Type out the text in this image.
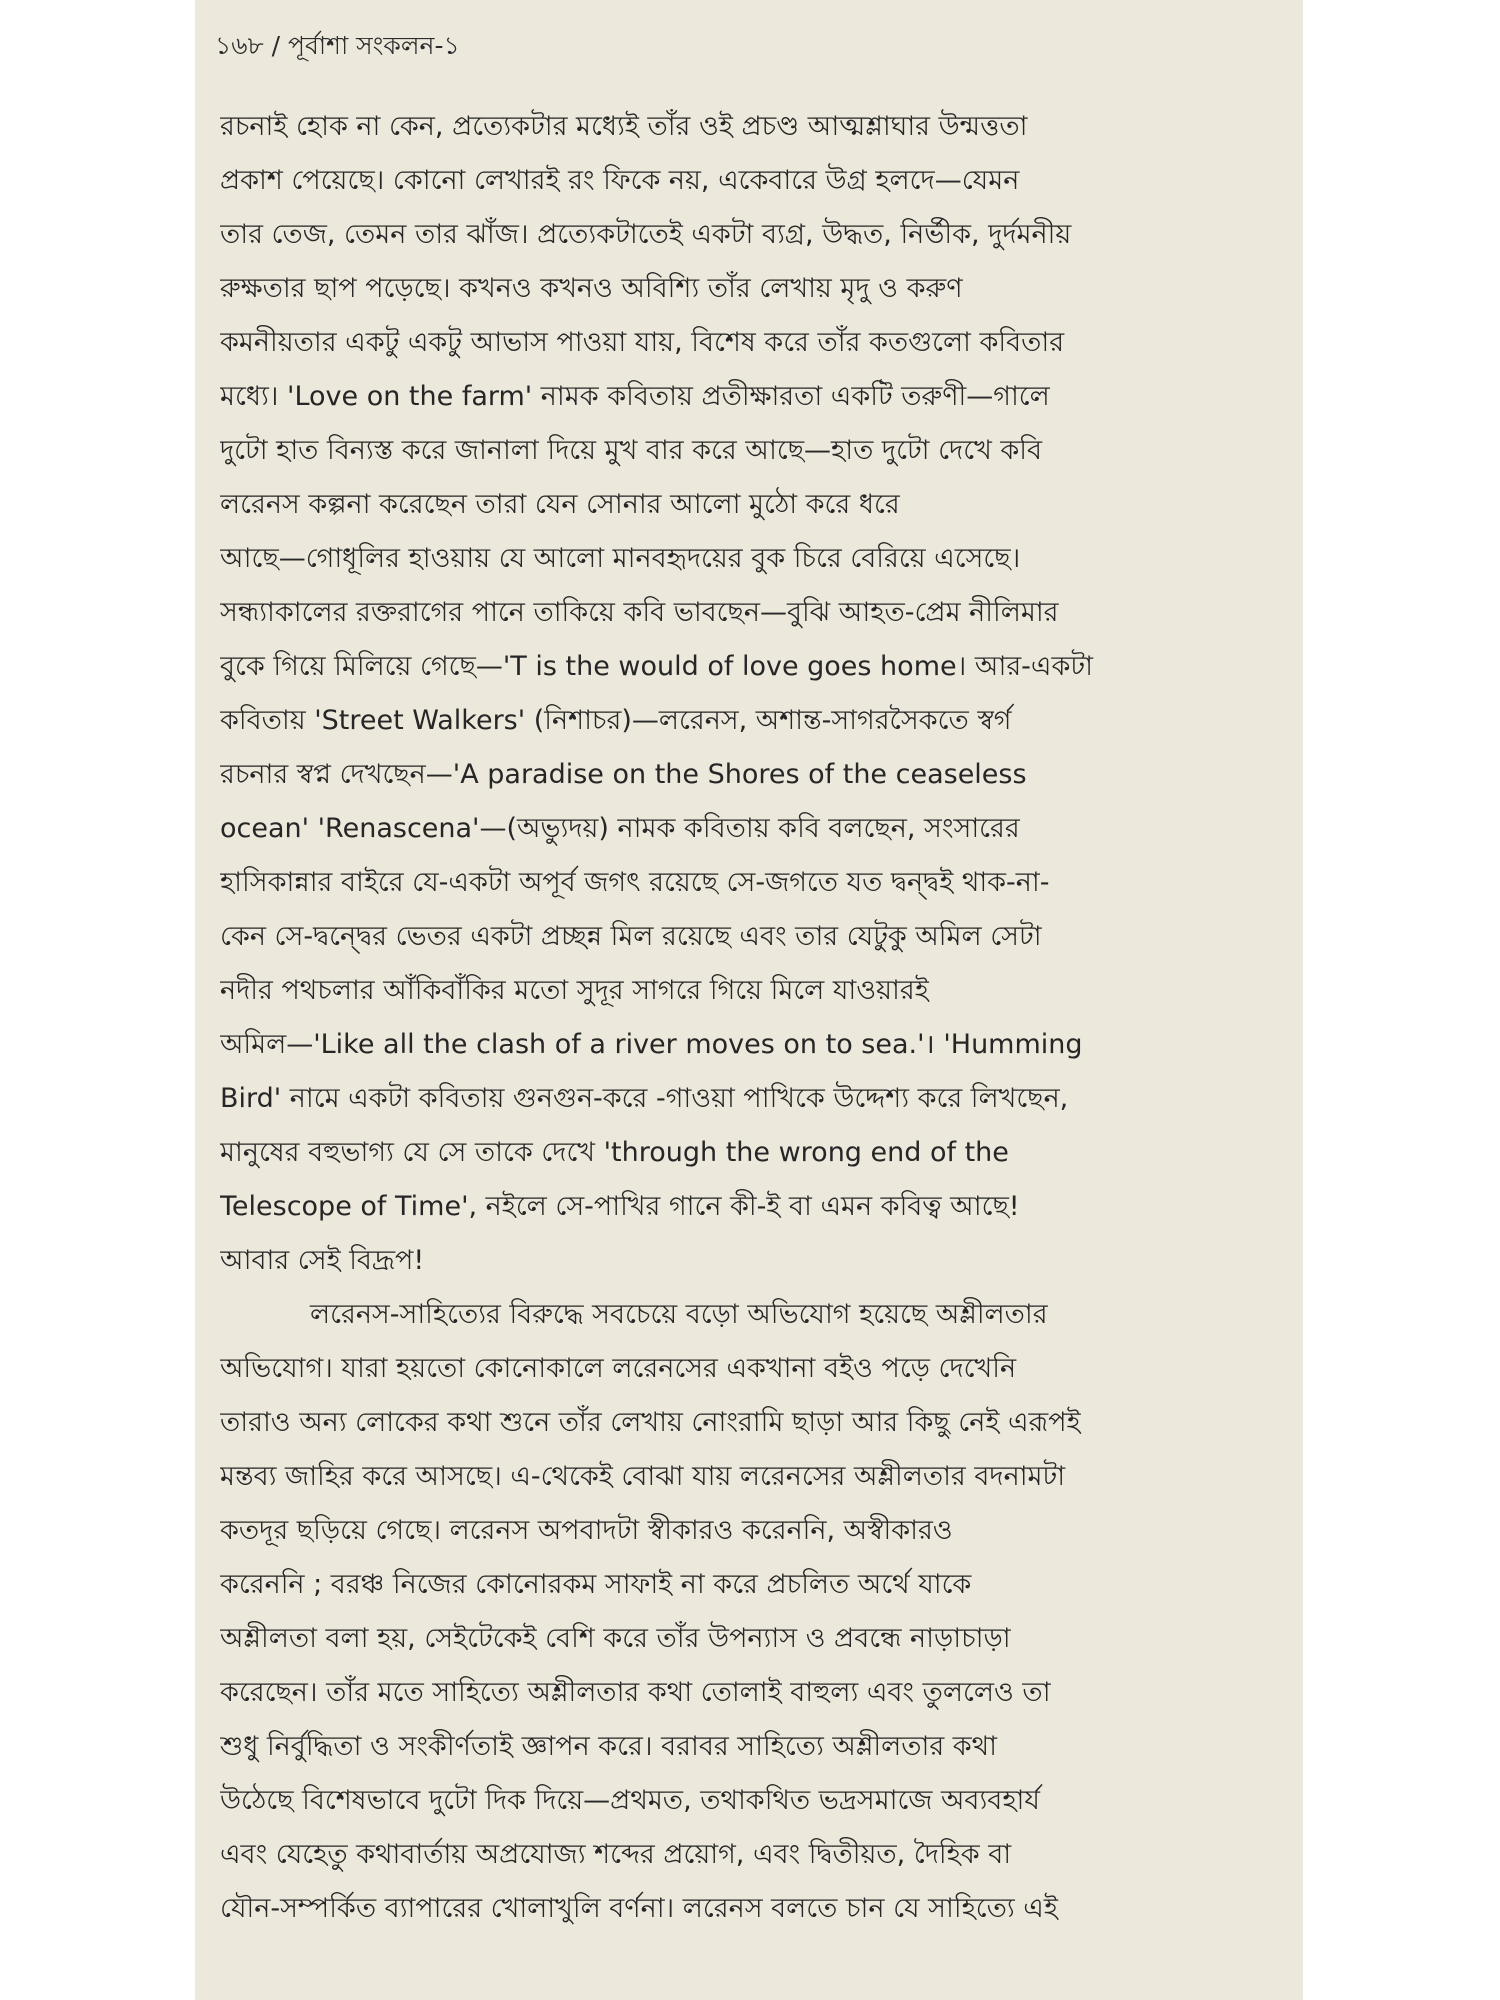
১৬৮ / পূর্বাশা সংকলন-১
রচনাই হোক না কেন, প্রত্যেকটার মধ্যেই তাঁর ওই প্রচণ্ড আত্মশ্লাঘার উন্মত্ততা
প্রকাশ পেয়েছে। কোনো লেখারই রং ফিকে নয়, একেবারে উগ্র হলদে—যেমন
তার তেজ, তেমন তার ঝাঁজ। প্রত্যেকটাতেই একটা ব্যগ্র, উদ্ধত, নির্ভীক, দুর্দমনীয়
রুক্ষতার ছাপ পড়েছে। কখনও কখনও অবিশ্যি তাঁর লেখায় মৃদু ও করুণ
কমনীয়তার একটু একটু আভাস পাওয়া যায়, বিশেষ করে তাঁর কতগুলো কবিতার
মধ্যে। 'Love on the farm' নামক কবিতায় প্রতীক্ষারতা একটি তরুণী—গালে
দুটো হাত বিন্যস্ত করে জানালা দিয়ে মুখ বার করে আছে—হাত দুটো দেখে কবি
লরেনস কল্পনা করেছেন তারা যেন সোনার আলো মুঠো করে ধরে
আছে—গোধূলির হাওয়ায় যে আলো মানবহৃদয়ের বুক চিরে বেরিয়ে এসেছে।
সন্ধ্যাকালের রক্তরাগের পানে তাকিয়ে কবি ভাবছেন—বুঝি আহত-প্রেম নীলিমার
বুকে গিয়ে মিলিয়ে গেছে—'T is the would of love goes home। আর-একটা
কবিতায় 'Street Walkers' (নিশাচর)—লরেনস, অশান্ত-সাগরসৈকতে স্বর্গ
রচনার স্বপ্ন দেখছেন—'A paradise on the Shores of the ceaseless
ocean' 'Renascena'—(অভ্যুদয়) নামক কবিতায় কবি বলছেন, সংসারের
হাসিকান্নার বাইরে যে-একটা অপূর্ব জগৎ রয়েছে সে-জগতে যত দ্বন্দ্বই থাক-না-
কেন সে-দ্বন্দ্বের ভেতর একটা প্রচ্ছন্ন মিল রয়েছে এবং তার যেটুকু অমিল সেটা
নদীর পথচলার আঁকিবাঁকির মতো সুদূর সাগরে গিয়ে মিলে যাওয়ারই
অমিল—'Like all the clash of a river moves on to sea.'। 'Humming
Bird' নামে একটা কবিতায় গুনগুন-করে -গাওয়া পাখিকে উদ্দেশ্য করে লিখছেন,
মানুষের বহুভাগ্য যে সে তাকে দেখে 'through the wrong end of the
Telescope of Time', নইলে সে-পাখির গানে কী-ই বা এমন কবিত্ব আছে!
আবার সেই বিদ্রূপ!
লরেনস-সাহিত্যের বিরুদ্ধে সবচেয়ে বড়ো অভিযোগ হয়েছে অশ্লীলতার
অভিযোগ। যারা হয়তো কোনোকালে লরেনসের একখানা বইও পড়ে দেখেনি
তারাও অন্য লোকের কথা শুনে তাঁর লেখায় নোংরামি ছাড়া আর কিছু নেই এরূপই
মন্তব্য জাহির করে আসছে। এ-থেকেই বোঝা যায় লরেনসের অশ্লীলতার বদনামটা
কতদূর ছড়িয়ে গেছে। লরেনস অপবাদটা স্বীকারও করেননি, অস্বীকারও
করেননি ; বরঞ্চ নিজের কোনোরকম সাফাই না করে প্রচলিত অর্থে যাকে
অশ্লীলতা বলা হয়, সেইটেকেই বেশি করে তাঁর উপন্যাস ও প্রবন্ধে নাড়াচাড়া
করেছেন। তাঁর মতে সাহিত্যে অশ্লীলতার কথা তোলাই বাহুল্য এবং তুললেও তা
শুধু নির্বুদ্ধিতা ও সংকীর্ণতাই জ্ঞাপন করে। বরাবর সাহিত্যে অশ্লীলতার কথা
উঠেছে বিশেষভাবে দুটো দিক দিয়ে—প্রথমত, তথাকথিত ভদ্রসমাজে অব্যবহার্য
এবং যেহেতু কথাবার্তায় অপ্রযোজ্য শব্দের প্রয়োগ, এবং দ্বিতীয়ত, দৈহিক বা
যৌন-সম্পর্কিত ব্যাপারের খোলাখুলি বর্ণনা। লরেনস বলতে চান যে সাহিত্যে এই
